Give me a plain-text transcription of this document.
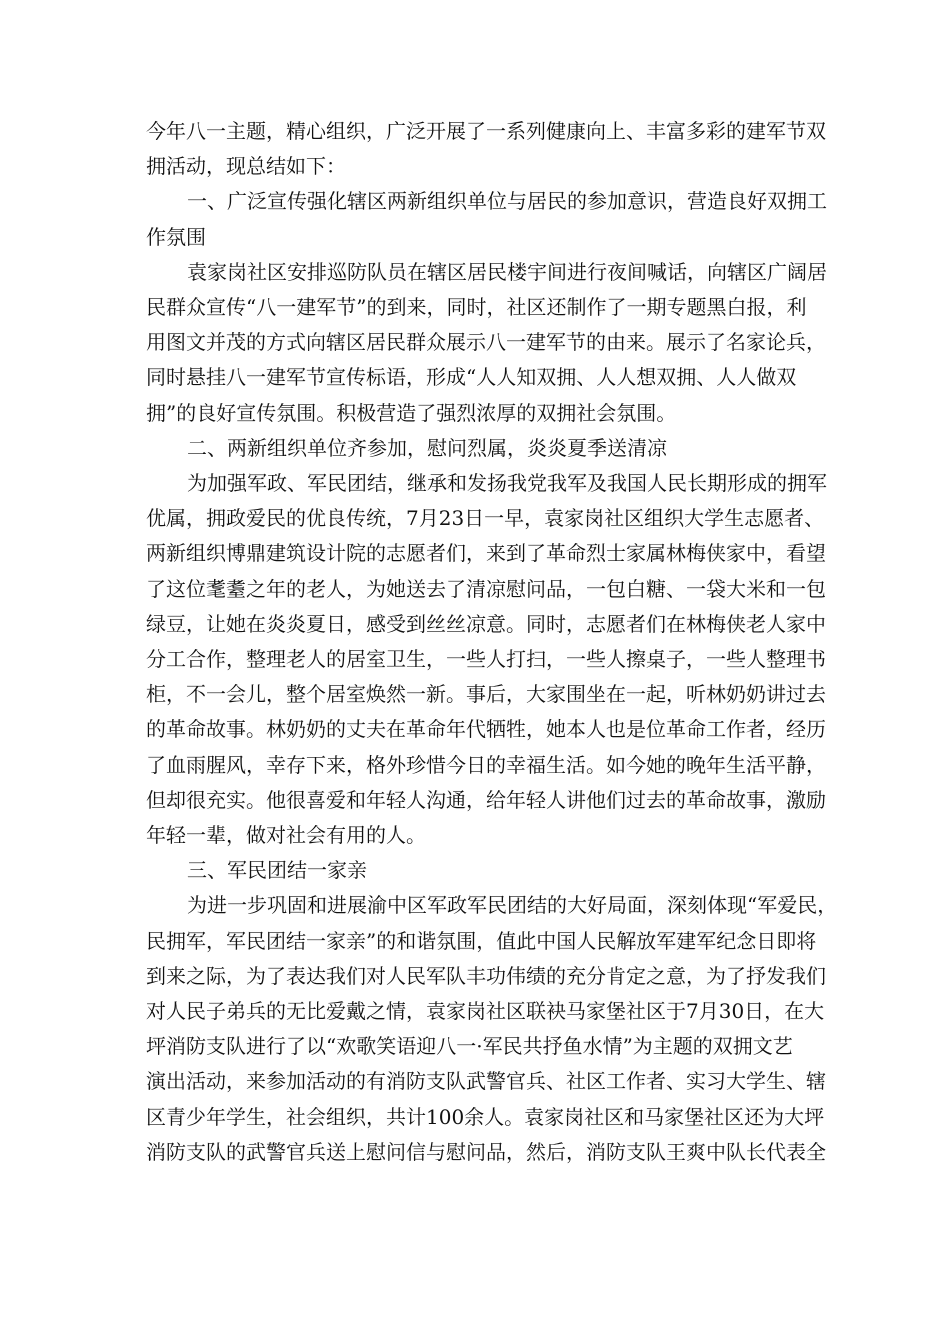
今年八一主题，精心组织，广泛开展了一系列健康向上、丰富多彩的建军节双
拥活动，现总结如下：
一、广泛宣传强化辖区两新组织单位与居民的参加意识，营造良好双拥工
作氛围
袁家岗社区安排巡防队员在辖区居民楼宇间进行夜间喊话，向辖区广阔居
民群众宣传“八一建军节”的到来，同时，社区还制作了一期专题黑白报，利
用图文并茂的方式向辖区居民群众展示八一建军节的由来。展示了名家论兵，
同时悬挂八一建军节宣传标语，形成“人人知双拥、人人想双拥、人人做双
拥”的良好宣传氛围。积极营造了强烈浓厚的双拥社会氛围。
二、两新组织单位齐参加，慰问烈属，炎炎夏季送清凉
为加强军政、军民团结，继承和发扬我党我军及我国人民长期形成的拥军
优属，拥政爱民的优良传统，7月23日一早，袁家岗社区组织大学生志愿者、
两新组织博鼎建筑设计院的志愿者们，来到了革命烈士家属林梅侠家中，看望
了这位耄耋之年的老人，为她送去了清凉慰问品，一包白糖、一袋大米和一包
绿豆，让她在炎炎夏日，感受到丝丝凉意。同时，志愿者们在林梅侠老人家中
分工合作，整理老人的居室卫生，一些人打扫，一些人擦桌子，一些人整理书
柜，不一会儿，整个居室焕然一新。事后，大家围坐在一起，听林奶奶讲过去
的革命故事。林奶奶的丈夫在革命年代牺牲，她本人也是位革命工作者，经历
了血雨腥风，幸存下来，格外珍惜今日的幸福生活。如今她的晚年生活平静，
但却很充实。他很喜爱和年轻人沟通，给年轻人讲他们过去的革命故事，激励
年轻一辈，做对社会有用的人。
三、军民团结一家亲
为进一步巩固和进展渝中区军政军民团结的大好局面，深刻体现“军爱民，
民拥军，军民团结一家亲”的和谐氛围，值此中国人民解放军建军纪念日即将
到来之际，为了表达我们对人民军队丰功伟绩的充分肯定之意，为了抒发我们
对人民子弟兵的无比爱戴之情，袁家岗社区联袂马家堡社区于7月30日，在大
坪消防支队进行了以“欢歌笑语迎八一·军民共抒鱼水情”为主题的双拥文艺
演出活动，来参加活动的有消防支队武警官兵、社区工作者、实习大学生、辖
区青少年学生，社会组织，共计100余人。袁家岗社区和马家堡社区还为大坪
消防支队的武警官兵送上慰问信与慰问品，然后，消防支队王爽中队长代表全
